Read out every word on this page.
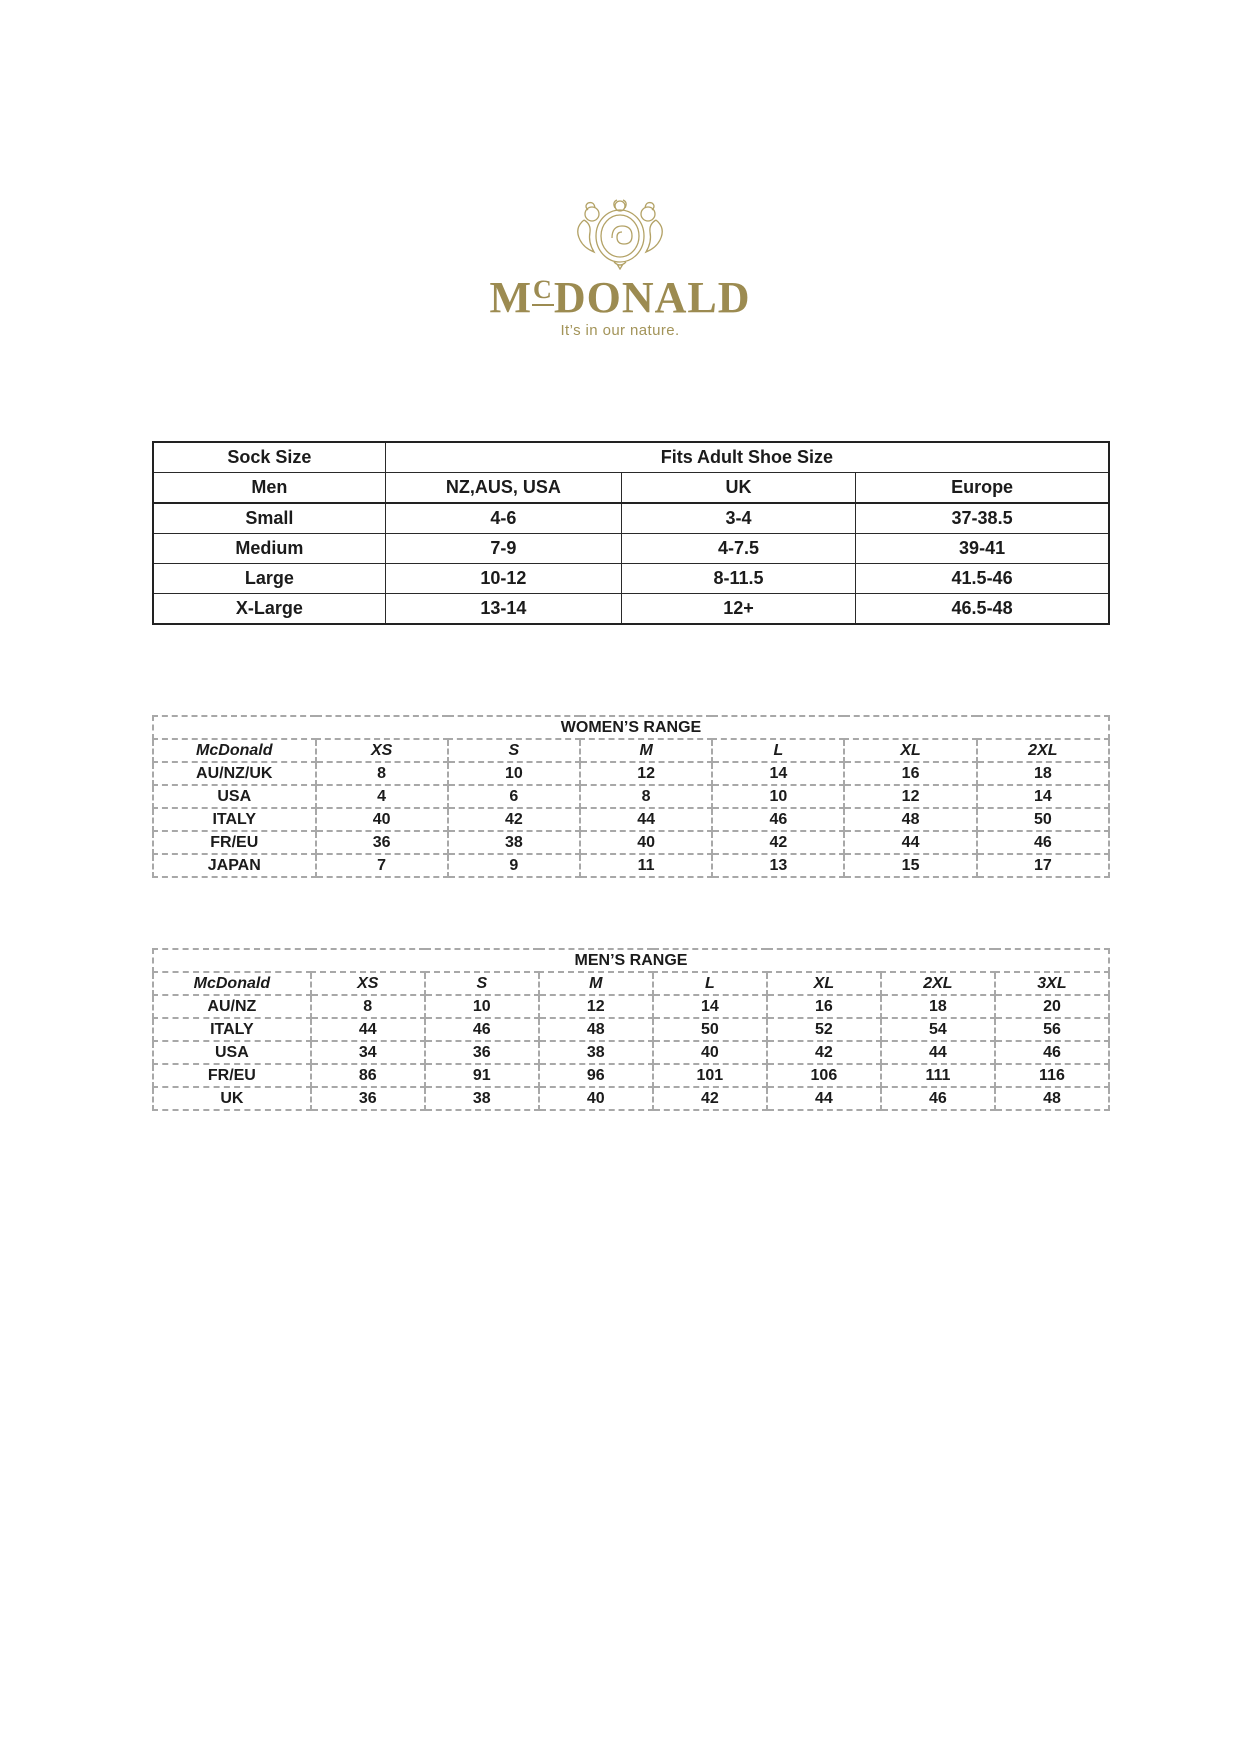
$M^CDONALD$
It’s in our nature.
Sock Size	Fits Adult Shoe Size		
Men	NZ,AUS, USA	UK	Europe
Small	4-6	3-4	37-38.5
Medium	7-9	4-7.5	39-41
Large	10-12	8-11.5	41.5-46
X-Large	13-14	12+	46.5-48
WOMEN’S RANGE						
McDonald	XS	S	M	L	XL	2XL
AU/NZ/UK	8	10	12	14	16	18
USA	4	6	8	10	12	14
ITALY	40	42	44	46	48	50
FR/EU	36	38	40	42	44	46
JAPAN	7	9	11	13	15	17
MEN’S RANGE							
McDonald	XS	S	M	L	XL	2XL	3XL
AU/NZ	8	10	12	14	16	18	20
ITALY	44	46	48	50	52	54	56
USA	34	36	38	40	42	44	46
FR/EU	86	91	96	101	106	111	116
UK	36	38	40	42	44	46	48
